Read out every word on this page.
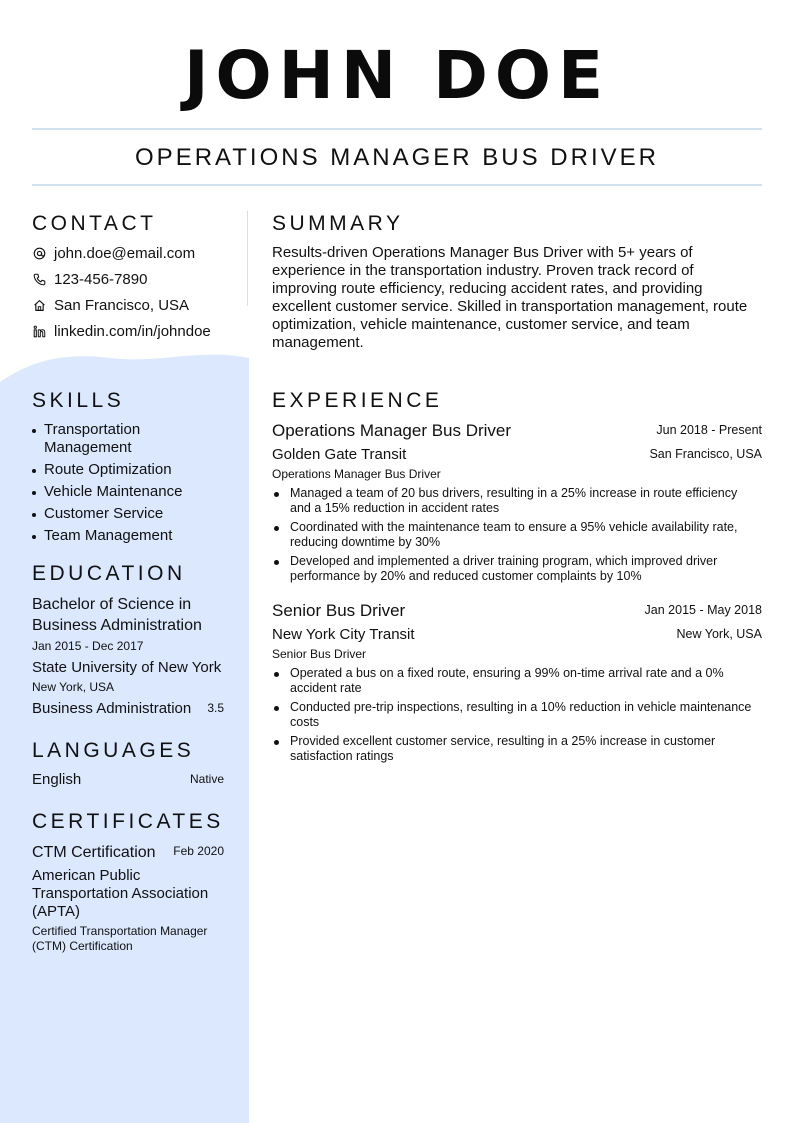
JOHN DOE
OPERATIONS MANAGER BUS DRIVER
CONTACT
john.doe@email.com
123-456-7890
San Francisco, USA
linkedin.com/in/johndoe
SKILLS
Transportation Management
Route Optimization
Vehicle Maintenance
Customer Service
Team Management
EDUCATION
Bachelor of Science in Business Administration
Jan 2015 - Dec 2017
State University of New York
New York, USA
Business Administration	3.5
LANGUAGES
English	Native
CERTIFICATES
CTM Certification	Feb 2020
American Public Transportation Association (APTA)
Certified Transportation Manager (CTM) Certification
SUMMARY
Results-driven Operations Manager Bus Driver with 5+ years of experience in the transportation industry. Proven track record of improving route efficiency, reducing accident rates, and providing excellent customer service. Skilled in transportation management, route optimization, vehicle maintenance, customer service, and team management.
EXPERIENCE
Operations Manager Bus Driver	Jun 2018 - Present
Golden Gate Transit	San Francisco, USA
Operations Manager Bus Driver
Managed a team of 20 bus drivers, resulting in a 25% increase in route efficiency and a 15% reduction in accident rates
Coordinated with the maintenance team to ensure a 95% vehicle availability rate, reducing downtime by 30%
Developed and implemented a driver training program, which improved driver performance by 20% and reduced customer complaints by 10%
Senior Bus Driver	Jan 2015 - May 2018
New York City Transit	New York, USA
Senior Bus Driver
Operated a bus on a fixed route, ensuring a 99% on-time arrival rate and a 0% accident rate
Conducted pre-trip inspections, resulting in a 10% reduction in vehicle maintenance costs
Provided excellent customer service, resulting in a 25% increase in customer satisfaction ratings
